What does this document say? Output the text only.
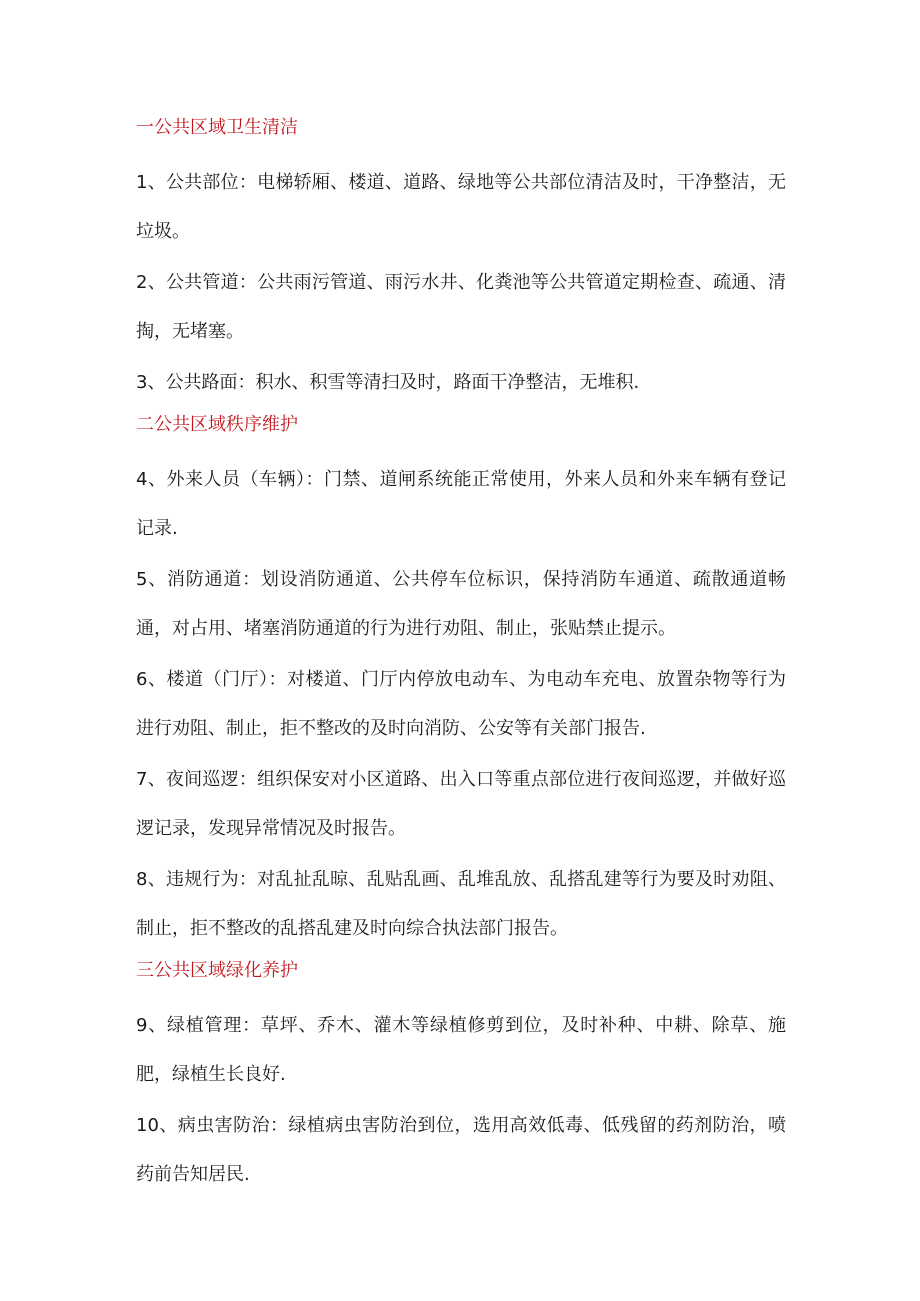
一公共区域卫生清洁

1、公共部位：电梯轿厢、楼道、道路、绿地等公共部位清洁及时，干净整洁，无垃圾。

2、公共管道：公共雨污管道、雨污水井、化粪池等公共管道定期检查、疏通、清掏，无堵塞。

3、公共路面：积水、积雪等清扫及时，路面干净整洁，无堆积.

二公共区域秩序维护

4、外来人员（车辆）：门禁、道闸系统能正常使用，外来人员和外来车辆有登记记录.

5、消防通道：划设消防通道、公共停车位标识，保持消防车通道、疏散通道畅通，对占用、堵塞消防通道的行为进行劝阻、制止，张贴禁止提示。

6、楼道（门厅）：对楼道、门厅内停放电动车、为电动车充电、放置杂物等行为进行劝阻、制止，拒不整改的及时向消防、公安等有关部门报告.

7、夜间巡逻：组织保安对小区道路、出入口等重点部位进行夜间巡逻，并做好巡逻记录，发现异常情况及时报告。

8、违规行为：对乱扯乱晾、乱贴乱画、乱堆乱放、乱搭乱建等行为要及时劝阻、制止，拒不整改的乱搭乱建及时向综合执法部门报告。

三公共区域绿化养护

9、绿植管理：草坪、乔木、灌木等绿植修剪到位，及时补种、中耕、除草、施肥，绿植生长良好.

10、病虫害防治：绿植病虫害防治到位，选用高效低毒、低残留的药剂防治，喷药前告知居民.
